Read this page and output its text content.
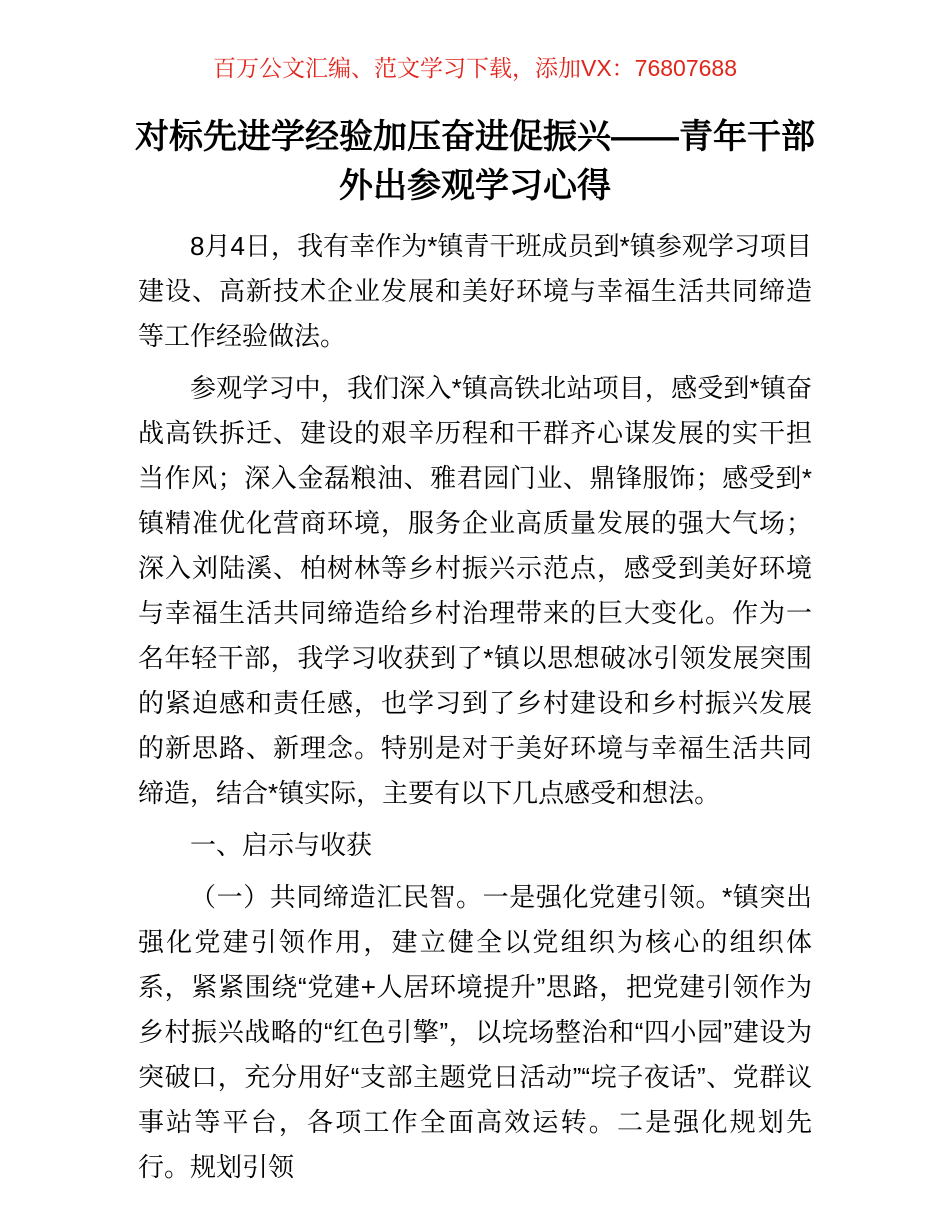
百万公文汇编、范文学习下载，添加VX：76807688
对标先进学经验加压奋进促振兴——青年干部
外出参观学习心得

8月4日，我有幸作为*镇青干班成员到*镇参观学习项目建设、高新技术企业发展和美好环境与幸福生活共同缔造等工作经验做法。

参观学习中，我们深入*镇高铁北站项目，感受到*镇奋战高铁拆迁、建设的艰辛历程和干群齐心谋发展的实干担当作风；深入金磊粮油、雅君园门业、鼎锋服饰；感受到*镇精准优化营商环境，服务企业高质量发展的强大气场；深入刘陆溪、柏树林等乡村振兴示范点，感受到美好环境与幸福生活共同缔造给乡村治理带来的巨大变化。作为一名年轻干部，我学习收获到了*镇以思想破冰引领发展突围的紧迫感和责任感，也学习到了乡村建设和乡村振兴发展的新思路、新理念。特别是对于美好环境与幸福生活共同缔造，结合*镇实际，主要有以下几点感受和想法。

一、启示与收获

（一）共同缔造汇民智。一是强化党建引领。*镇突出强化党建引领作用，建立健全以党组织为核心的组织体系，紧紧围绕“党建+人居环境提升”思路，把党建引领作为乡村振兴战略的“红色引擎”，以垸场整治和“四小园”建设为突破口，充分用好“支部主题党日活动”“垸子夜话”、党群议事站等平台，各项工作全面高效运转。二是强化规划先行。规划引领
